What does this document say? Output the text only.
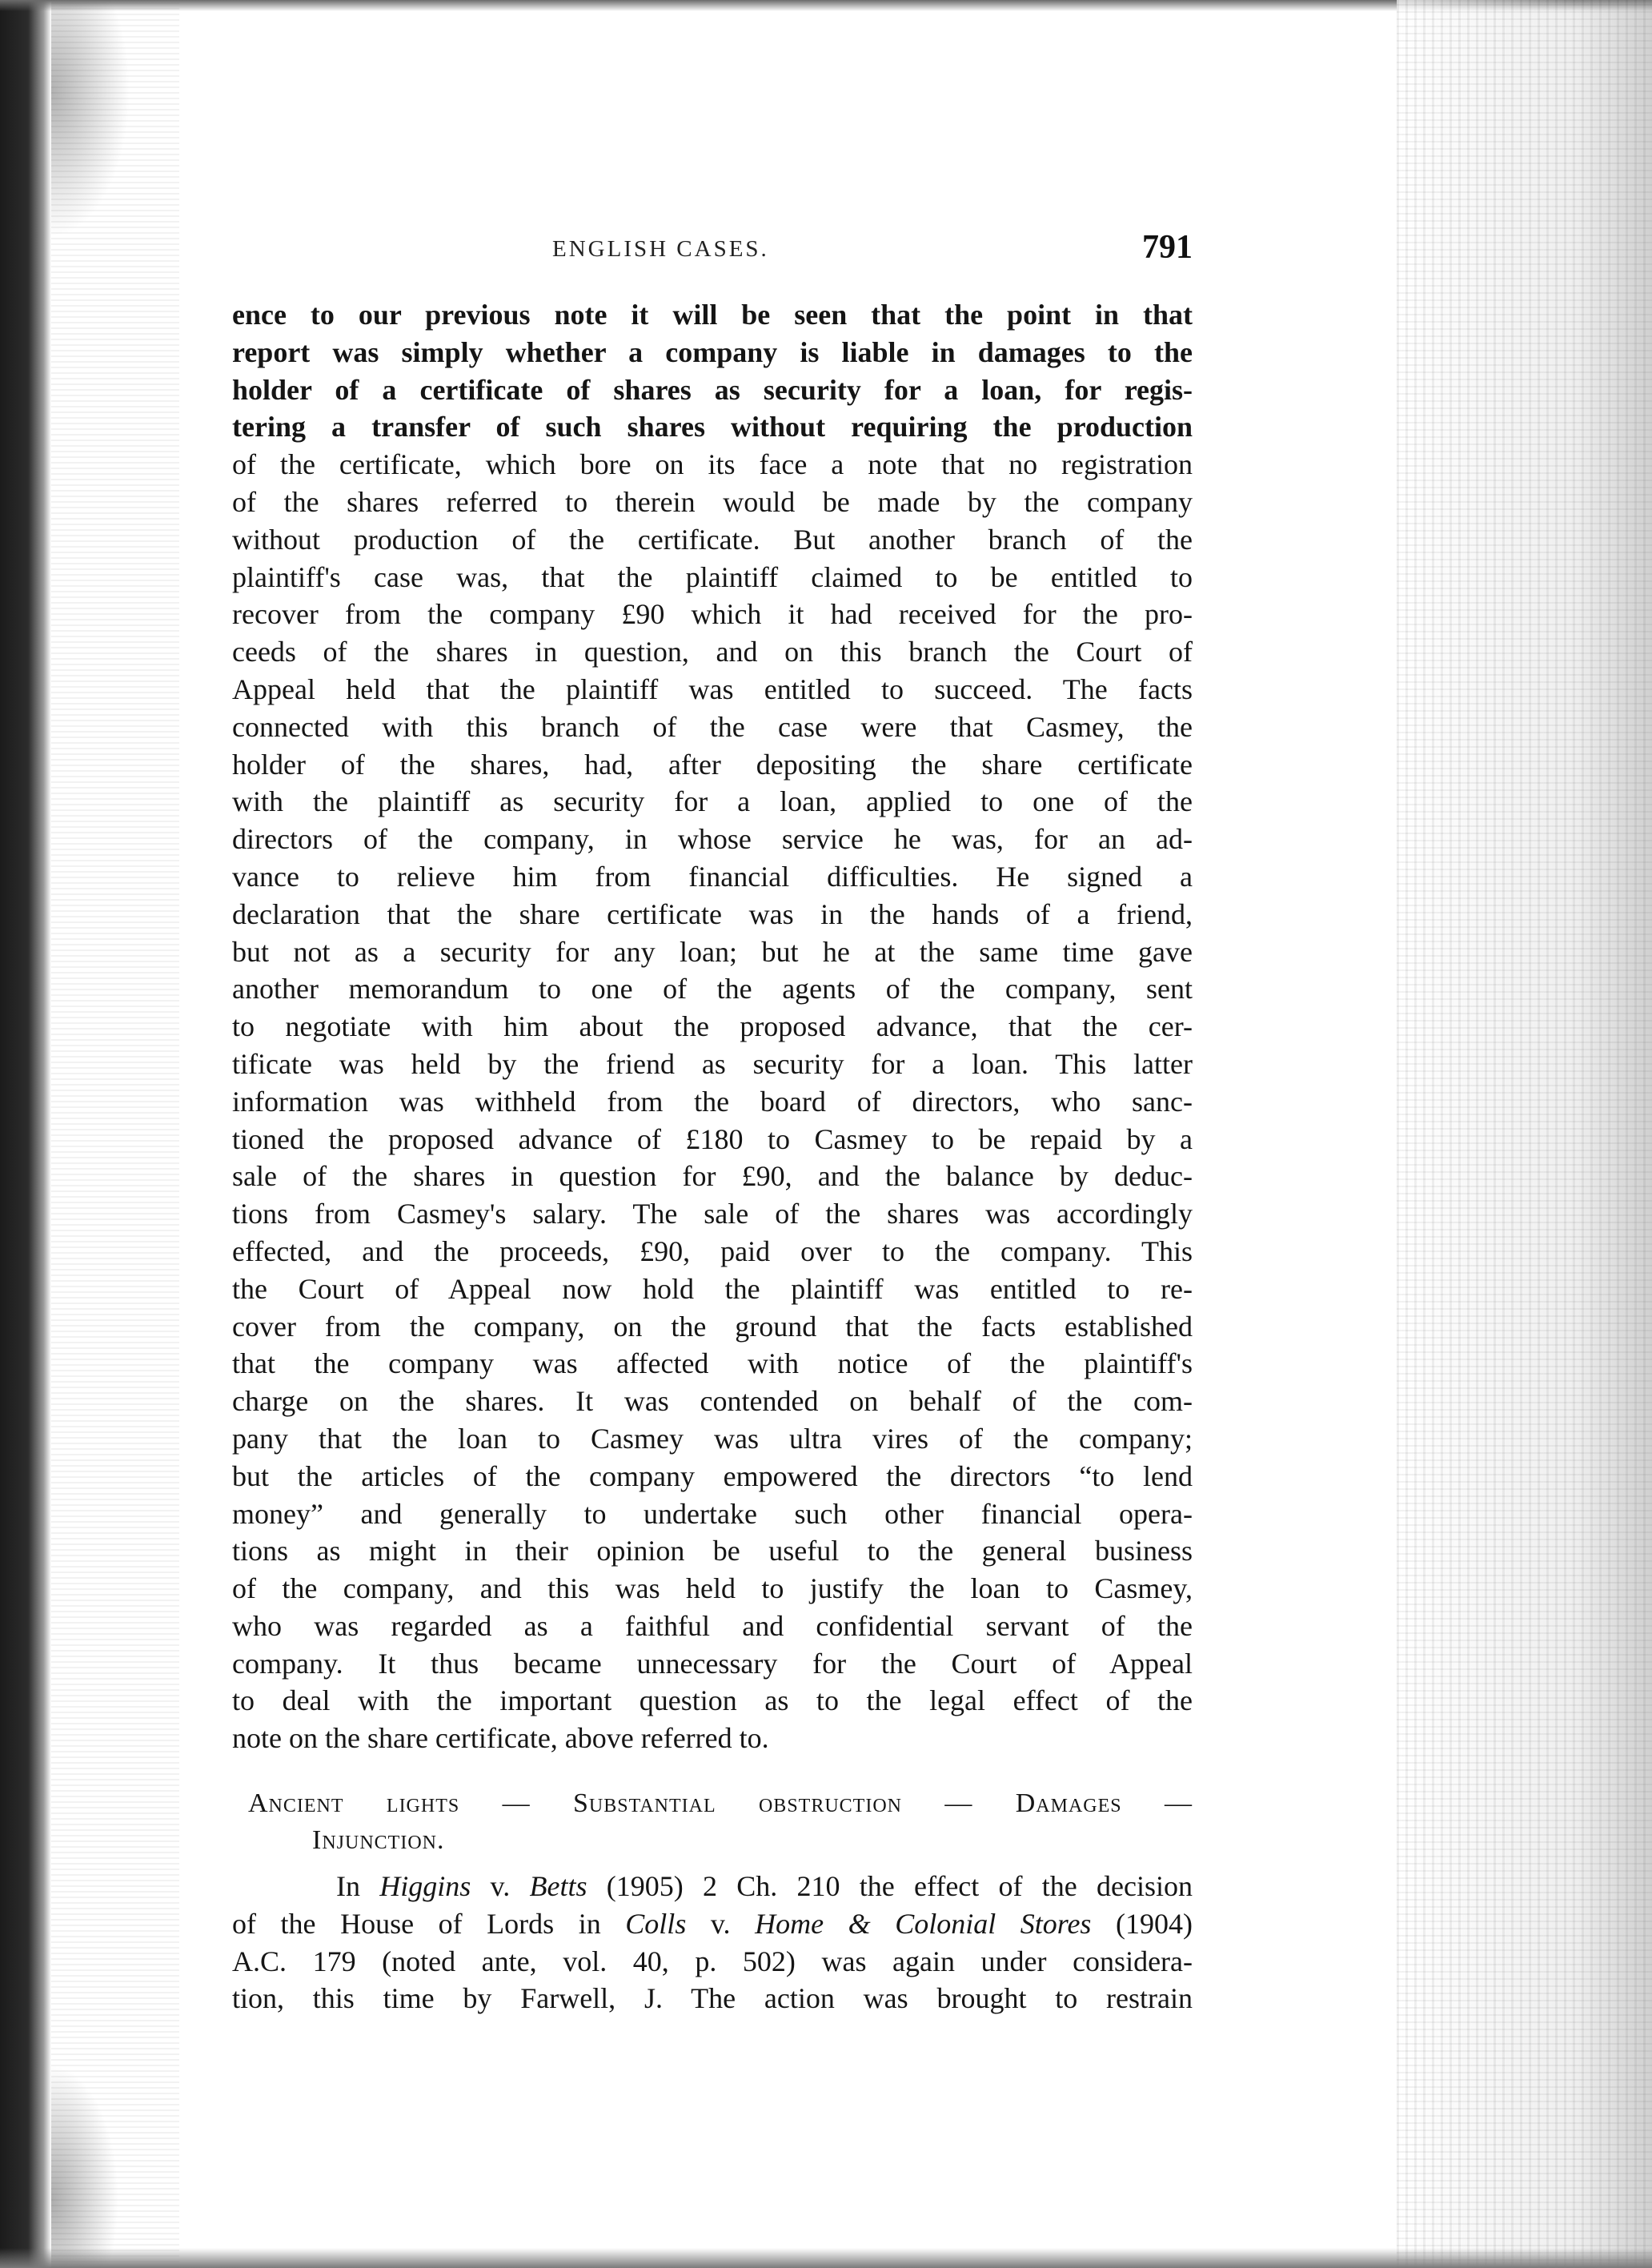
ENGLISH CASES.	791
ence to our previous note it will be seen that the point in that
report was simply whether a company is liable in damages to the
holder of a certificate of shares as security for a loan, for regis-
tering a transfer of such shares without requiring the production
of the certificate, which bore on its face a note that no registration
of the shares referred to therein would be made by the company
without production of the certificate. But another branch of the
plaintiff's case was, that the plaintiff claimed to be entitled to
recover from the company £90 which it had received for the pro-
ceeds of the shares in question, and on this branch the Court of
Appeal held that the plaintiff was entitled to succeed. The facts
connected with this branch of the case were that Casmey, the
holder of the shares, had, after depositing the share certificate
with the plaintiff as security for a loan, applied to one of the
directors of the company, in whose service he was, for an ad-
vance to relieve him from financial difficulties. He signed a
declaration that the share certificate was in the hands of a friend,
but not as a security for any loan; but he at the same time gave
another memorandum to one of the agents of the company, sent
to negotiate with him about the proposed advance, that the cer-
tificate was held by the friend as security for a loan. This latter
information was withheld from the board of directors, who sanc-
tioned the proposed advance of £180 to Casmey to be repaid by a
sale of the shares in question for £90, and the balance by deduc-
tions from Casmey's salary. The sale of the shares was accordingly
effected, and the proceeds, £90, paid over to the company. This
the Court of Appeal now hold the plaintiff was entitled to re-
cover from the company, on the ground that the facts established
that the company was affected with notice of the plaintiff's
charge on the shares. It was contended on behalf of the com-
pany that the loan to Casmey was ultra vires of the company;
but the articles of the company empowered the directors “to lend
money” and generally to undertake such other financial opera-
tions as might in their opinion be useful to the general business
of the company, and this was held to justify the loan to Casmey,
who was regarded as a faithful and confidential servant of the
company. It thus became unnecessary for the Court of Appeal
to deal with the important question as to the legal effect of the
note on the share certificate, above referred to.
Ancient lights — Substantial obstruction — Damages —
Injunction.
In Higgins v. Betts (1905) 2 Ch. 210 the effect of the decision
of the House of Lords in Colls v. Home & Colonial Stores (1904)
A.C. 179 (noted ante, vol. 40, p. 502) was again under considera-
tion, this time by Farwell, J. The action was brought to restrain
